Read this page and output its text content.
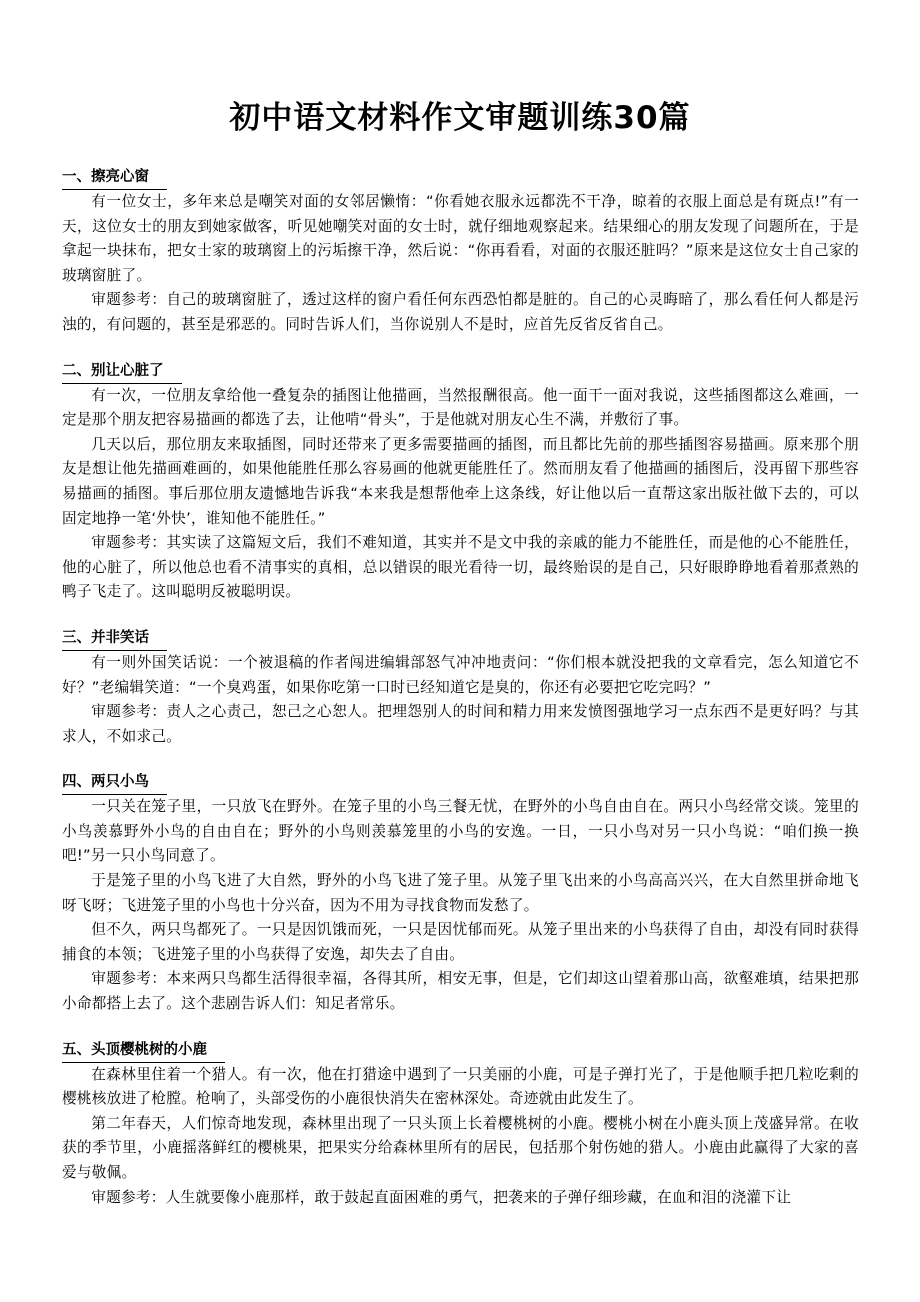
初中语文材料作文审题训练30篇
一、擦亮心窗

有一位女士，多年来总是嘲笑对面的女邻居懒惰：“你看她衣服永远都洗不干净，晾着的衣服上面总是有斑点!”有一天，这位女士的朋友到她家做客，听见她嘲笑对面的女士时，就仔细地观察起来。结果细心的朋友发现了问题所在，于是拿起一块抹布，把女士家的玻璃窗上的污垢擦干净，然后说：“你再看看，对面的衣服还脏吗？”原来是这位女士自己家的玻璃窗脏了。

审题参考：自己的玻璃窗脏了，透过这样的窗户看任何东西恐怕都是脏的。自己的心灵晦暗了，那么看任何人都是污浊的，有问题的，甚至是邪恶的。同时告诉人们，当你说别人不是时，应首先反省反省自己。

二、别让心脏了

有一次，一位朋友拿给他一叠复杂的插图让他描画，当然报酬很高。他一面干一面对我说，这些插图都这么难画，一定是那个朋友把容易描画的都选了去，让他啃“骨头”，于是他就对朋友心生不满，并敷衍了事。

几天以后，那位朋友来取插图，同时还带来了更多需要描画的插图，而且都比先前的那些插图容易描画。原来那个朋友是想让他先描画难画的，如果他能胜任那么容易画的他就更能胜任了。然而朋友看了他描画的插图后，没再留下那些容易描画的插图。事后那位朋友遗憾地告诉我“本来我是想帮他牵上这条线，好让他以后一直帮这家出版社做下去的，可以固定地挣一笔‘外快’，谁知他不能胜任。”

审题参考：其实读了这篇短文后，我们不难知道，其实并不是文中我的亲戚的能力不能胜任，而是他的心不能胜任，他的心脏了，所以他总也看不清事实的真相，总以错误的眼光看待一切，最终贻误的是自己，只好眼睁睁地看着那煮熟的鸭子飞走了。这叫聪明反被聪明误。

三、并非笑话

有一则外国笑话说：一个被退稿的作者闯进编辑部怒气冲冲地责问：“你们根本就没把我的文章看完，怎么知道它不好？”老编辑笑道：“一个臭鸡蛋，如果你吃第一口时已经知道它是臭的，你还有必要把它吃完吗？”

审题参考：责人之心责己，恕己之心恕人。把埋怨别人的时间和精力用来发愤图强地学习一点东西不是更好吗？与其求人，不如求己。

四、两只小鸟

一只关在笼子里，一只放飞在野外。在笼子里的小鸟三餐无忧，在野外的小鸟自由自在。两只小鸟经常交谈。笼里的小鸟羡慕野外小鸟的自由自在；野外的小鸟则羡慕笼里的小鸟的安逸。一日，一只小鸟对另一只小鸟说：“咱们换一换吧!”另一只小鸟同意了。

于是笼子里的小鸟飞进了大自然，野外的小鸟飞进了笼子里。从笼子里飞出来的小鸟高高兴兴，在大自然里拼命地飞呀飞呀；飞进笼子里的小鸟也十分兴奋，因为不用为寻找食物而发愁了。

但不久，两只鸟都死了。一只是因饥饿而死，一只是因忧郁而死。从笼子里出来的小鸟获得了自由，却没有同时获得捕食的本领；飞进笼子里的小鸟获得了安逸，却失去了自由。

审题参考：本来两只鸟都生活得很幸福，各得其所，相安无事，但是，它们却这山望着那山高，欲壑难填，结果把那小命都搭上去了。这个悲剧告诉人们：知足者常乐。

五、头顶樱桃树的小鹿

在森林里住着一个猎人。有一次，他在打猎途中遇到了一只美丽的小鹿，可是子弹打光了，于是他顺手把几粒吃剩的樱桃核放进了枪膛。枪响了，头部受伤的小鹿很快消失在密林深处。奇迹就由此发生了。

第二年春天，人们惊奇地发现，森林里出现了一只头顶上长着樱桃树的小鹿。樱桃小树在小鹿头顶上茂盛异常。在收获的季节里，小鹿摇落鲜红的樱桃果，把果实分给森林里所有的居民，包括那个射伤她的猎人。小鹿由此赢得了大家的喜爱与敬佩。

审题参考：人生就要像小鹿那样，敢于鼓起直面困难的勇气，把袭来的子弹仔细珍藏，在血和泪的浇灌下让
